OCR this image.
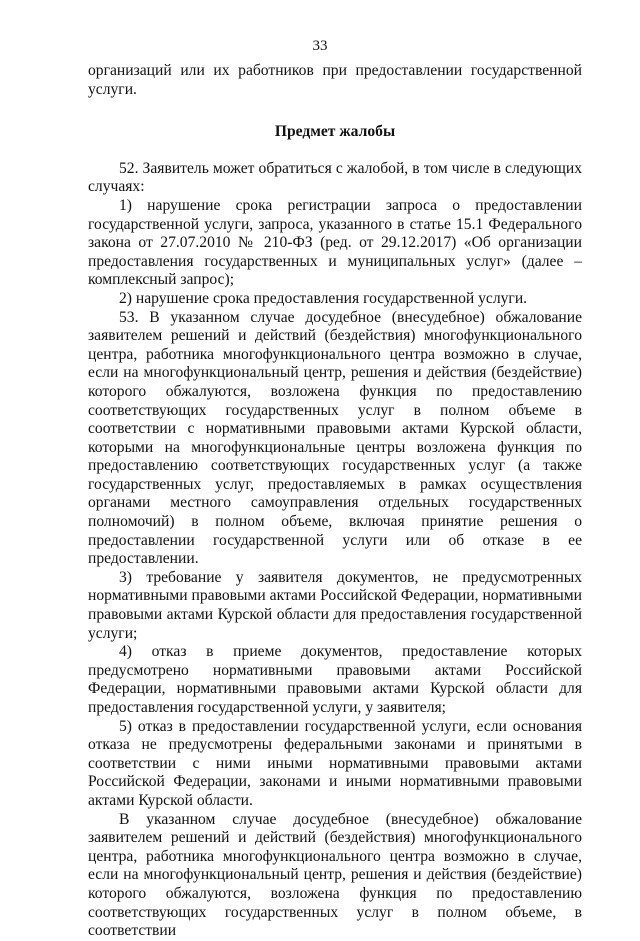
33

организаций или их работников при предоставлении государственной услуги.

Предмет жалобы

52. Заявитель может обратиться с жалобой, в том числе в следующих случаях:

1) нарушение срока регистрации запроса о предоставлении государственной услуги, запроса, указанного в статье 15.1 Федерального закона от 27.07.2010 № 210-ФЗ (ред. от 29.12.2017) «Об организации предоставления государственных и муниципальных услуг» (далее – комплексный запрос);

2) нарушение срока предоставления государственной услуги.

53. В указанном случае досудебное (внесудебное) обжалование заявителем решений и действий (бездействия) многофункционального центра, работника многофункционального центра возможно в случае, если на многофункциональный центр, решения и действия (бездействие) которого обжалуются, возложена функция по предоставлению соответствующих государственных услуг в полном объеме в соответствии с нормативными правовыми актами Курской области, которыми на многофункциональные центры возложена функция по предоставлению соответствующих государственных услуг (а также государственных услуг, предоставляемых в рамках осуществления органами местного самоуправления отдельных государственных полномочий) в полном объеме, включая принятие решения о предоставлении государственной услуги или об отказе в ее предоставлении.

3) требование у заявителя документов, не предусмотренных нормативными правовыми актами Российской Федерации, нормативными правовыми актами Курской области для предоставления государственной услуги;

4) отказ в приеме документов, предоставление которых предусмотрено нормативными правовыми актами Российской Федерации, нормативными правовыми актами Курской области для предоставления государственной услуги, у заявителя;

5) отказ в предоставлении государственной услуги, если основания отказа не предусмотрены федеральными законами и принятыми в соответствии с ними иными нормативными правовыми актами Российской Федерации, законами и иными нормативными правовыми актами Курской области.

В указанном случае досудебное (внесудебное) обжалование заявителем решений и действий (бездействия) многофункционального центра, работника многофункционального центра возможно в случае, если на многофункциональный центр, решения и действия (бездействие) которого обжалуются, возложена функция по предоставлению соответствующих государственных услуг в полном объеме, в соответствии
